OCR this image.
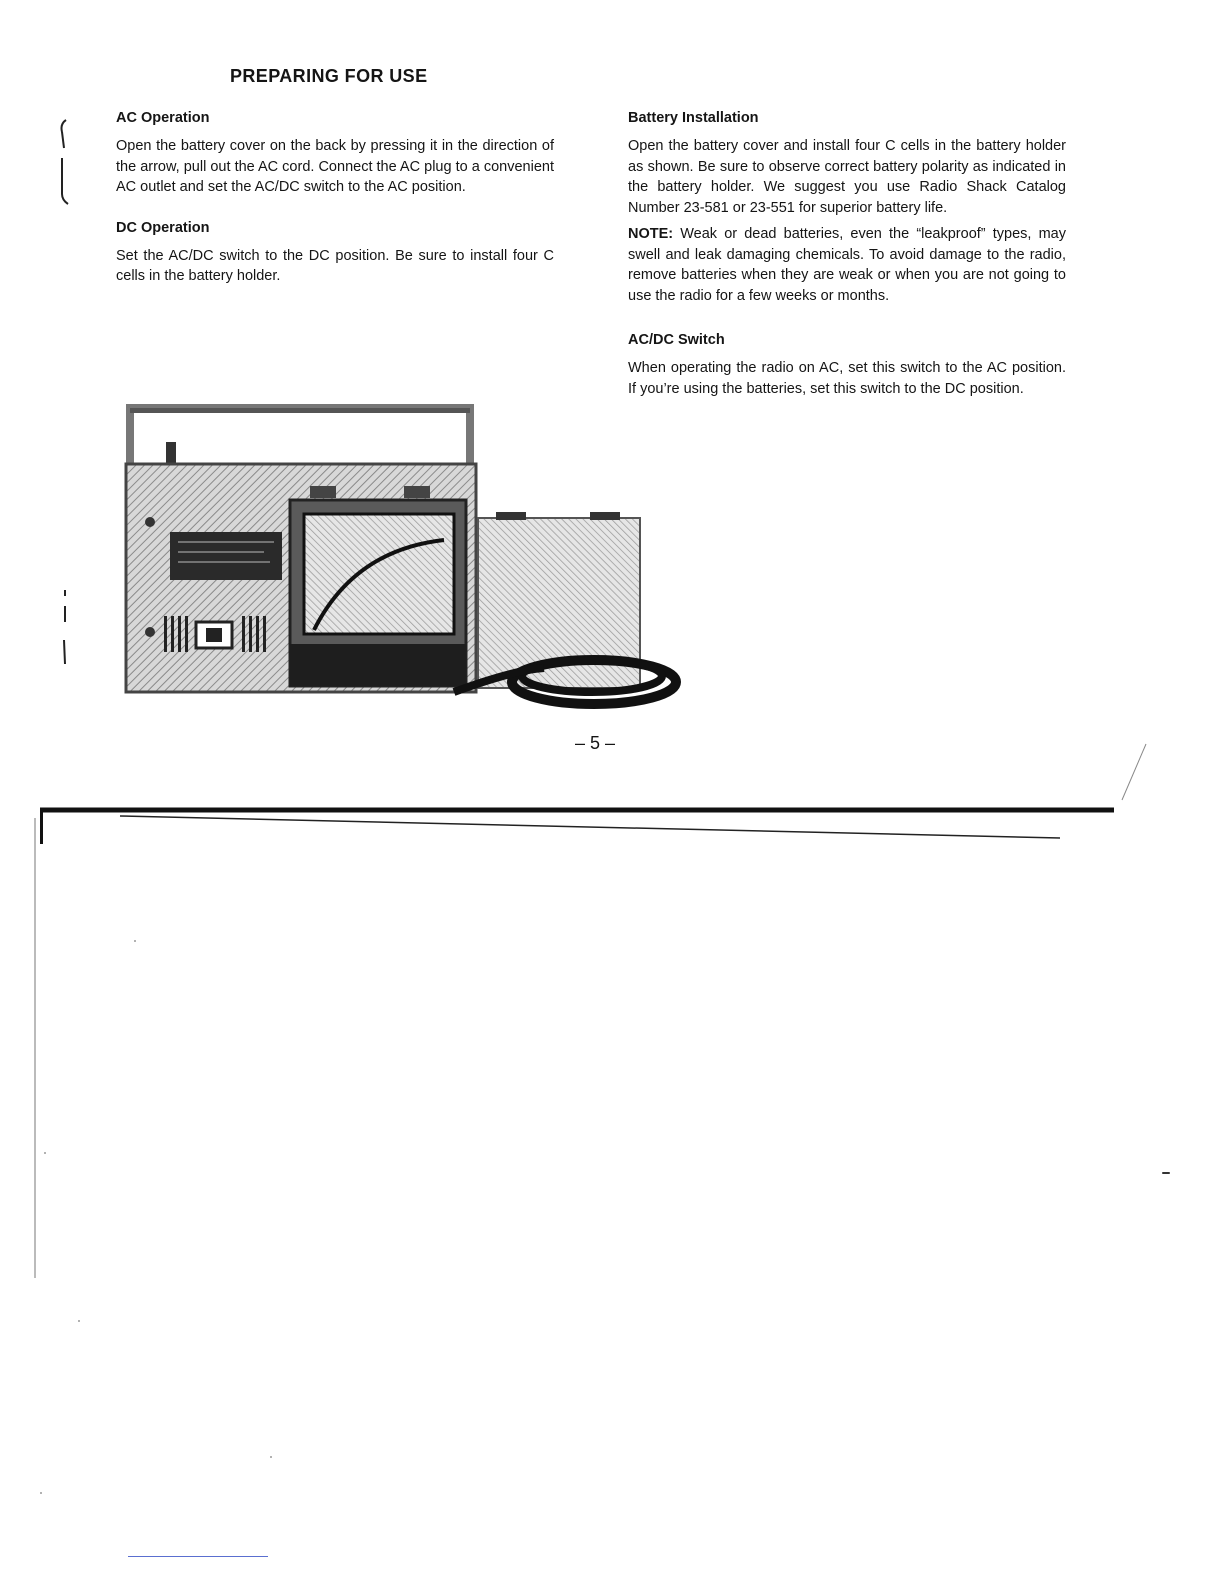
PREPARING FOR USE
AC Operation

Open the battery cover on the back by pressing it in the direction of the arrow, pull out the AC cord. Connect the AC plug to a convenient AC outlet and set the AC/DC switch to the AC position.

DC Operation

Set the AC/DC switch to the DC position. Be sure to install four C cells in the battery holder.

Battery Installation

Open the battery cover and install four C cells in the battery holder as shown. Be sure to observe correct battery polarity as indicated in the battery holder. We suggest you use Radio Shack Catalog Number 23-581 or 23-551 for superior battery life.

NOTE: Weak or dead batteries, even the “leakproof” types, may swell and leak damaging chemicals. To avoid damage to the radio, remove batteries when they are weak or when you are not going to use the radio for a few weeks or months.

AC/DC Switch

When operating the radio on AC, set this switch to the AC position. If you’re using the batteries, set this switch to the DC position.

– 5 –
